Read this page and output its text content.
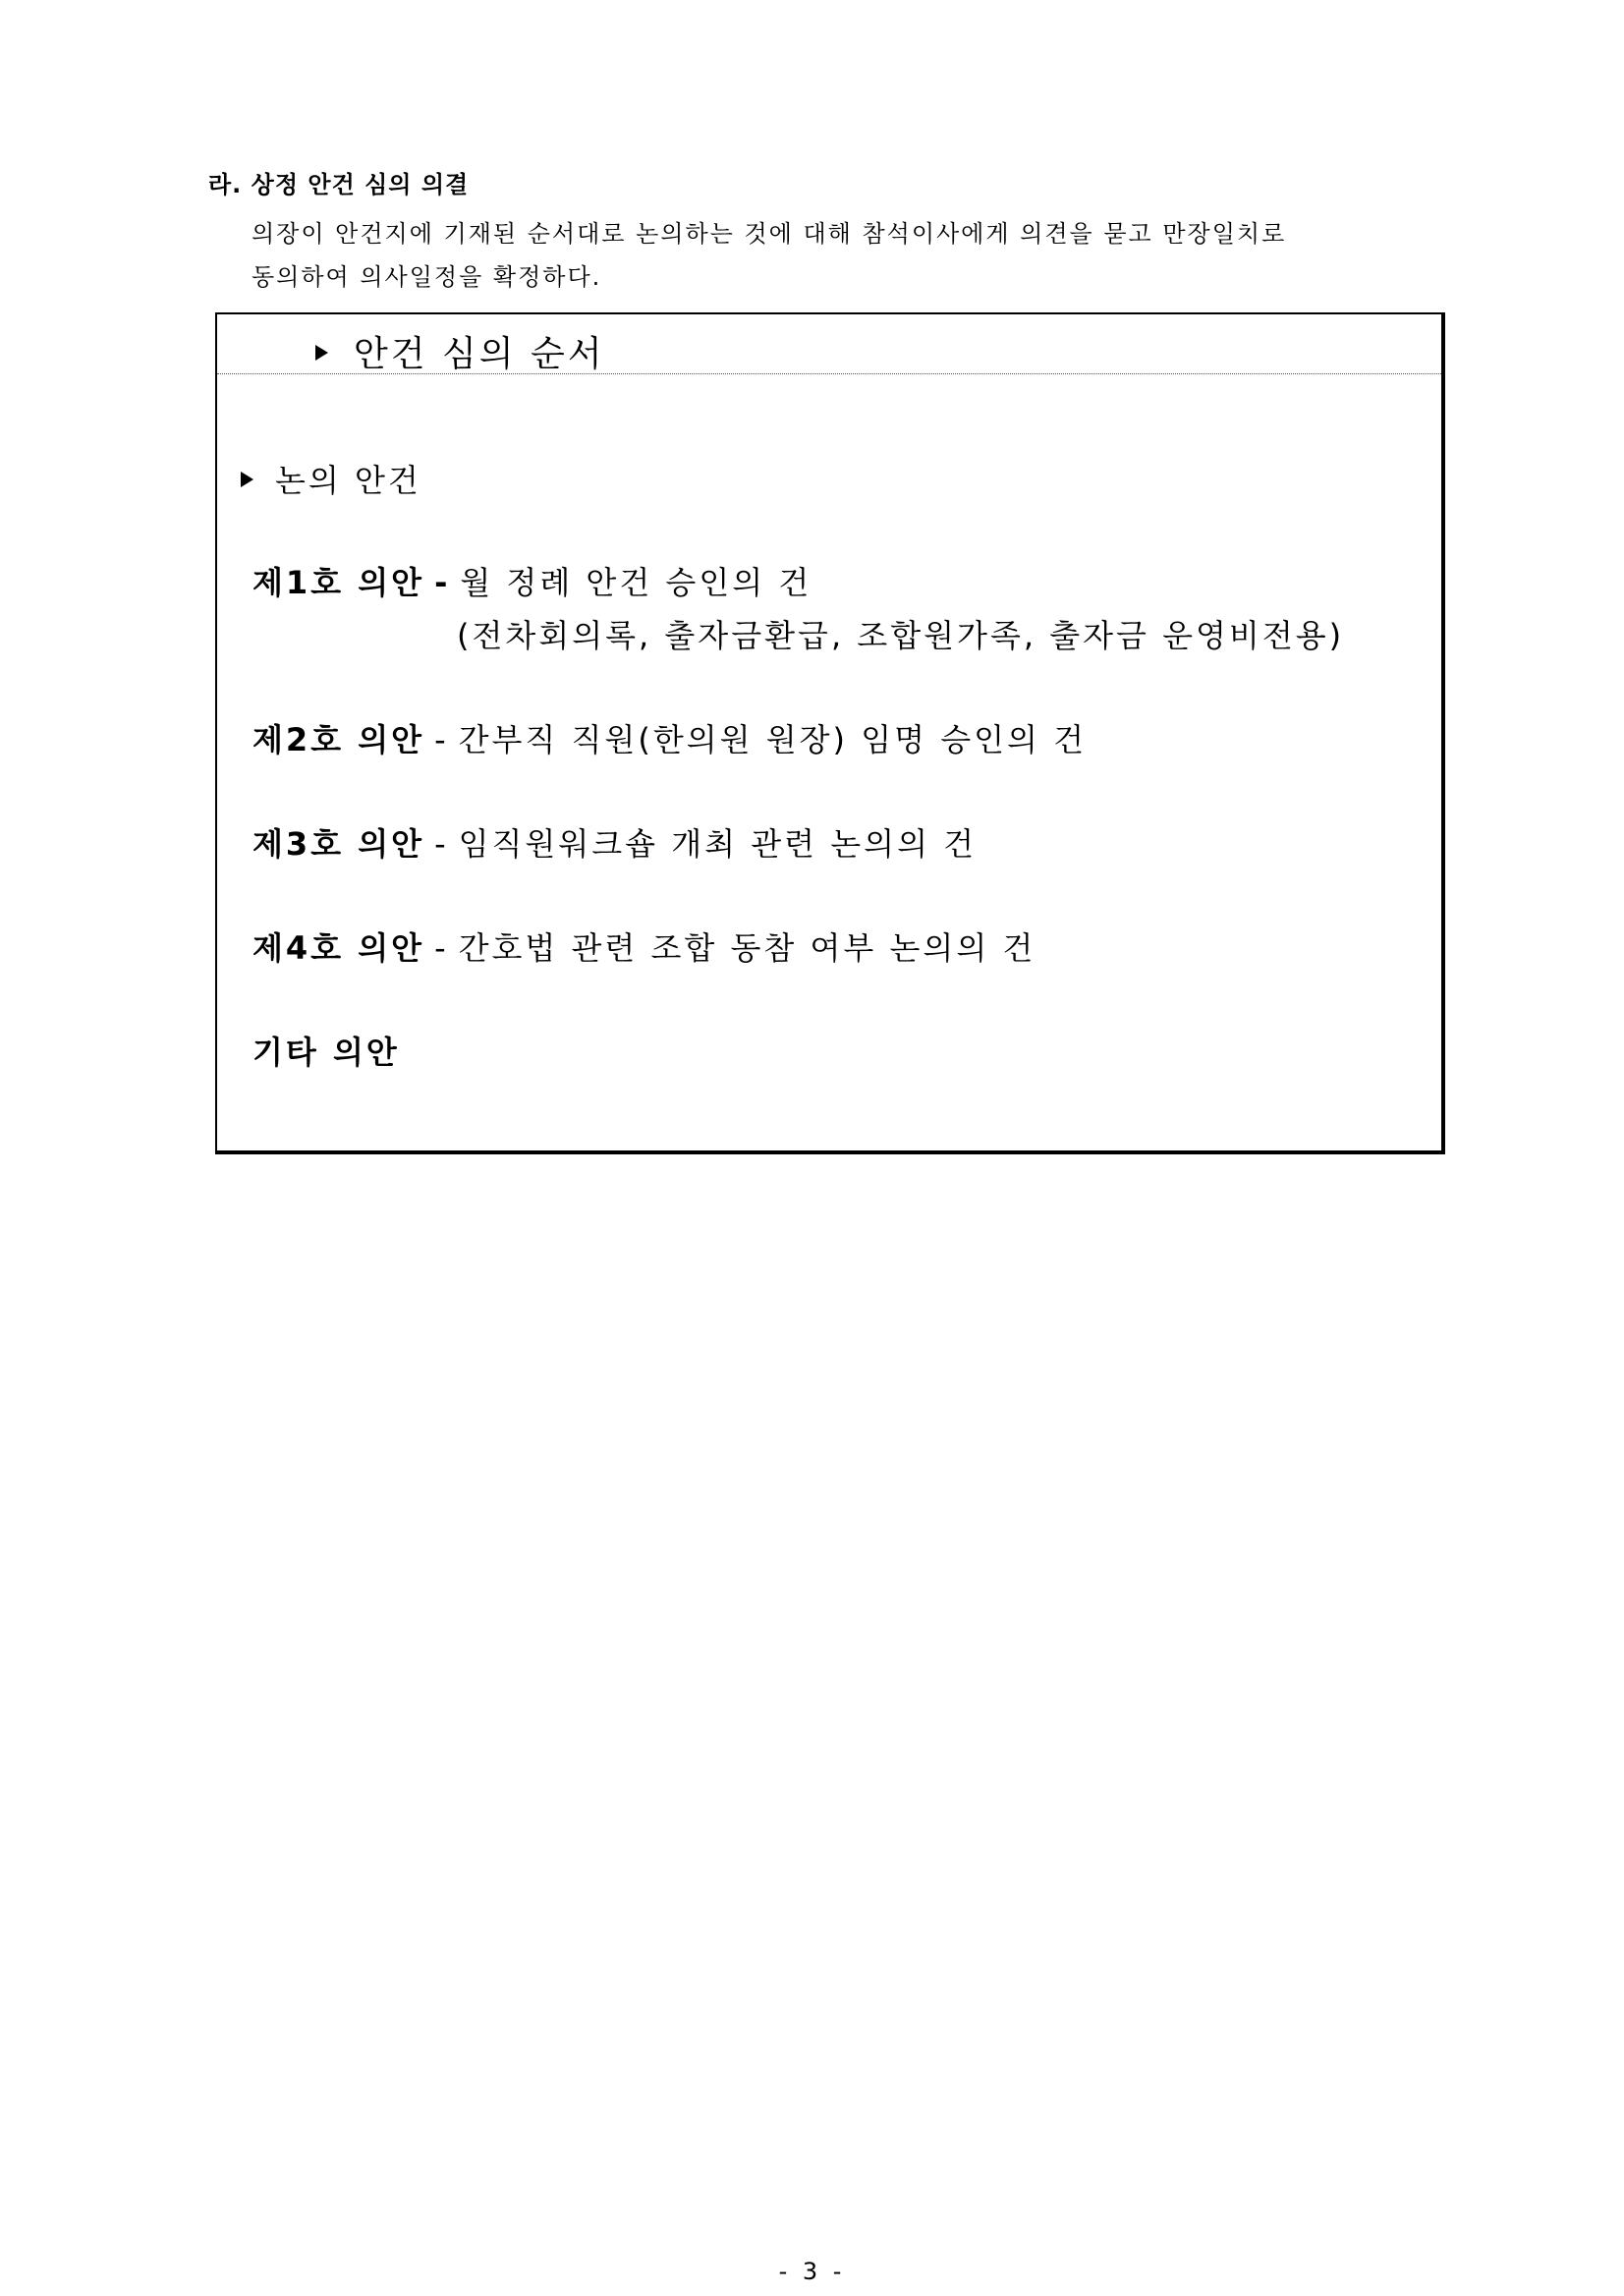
라. 상정 안건 심의 의결
의장이 안건지에 기재된 순서대로 논의하는 것에 대해 참석이사에게 의견을 묻고 만장일치로
동의하여 의사일정을 확정하다.
안건 심의 순서
논의 안건
제1호 의안 - 월 정례 안건 승인의 건
(전차회의록, 출자금환급, 조합원가족, 출자금 운영비전용)
제2호 의안 - 간부직 직원(한의원 원장) 임명 승인의 건
제3호 의안 - 임직원워크숍 개최 관련 논의의 건
제4호 의안 - 간호법 관련 조합 동참 여부 논의의 건
기타 의안
- 3 -
